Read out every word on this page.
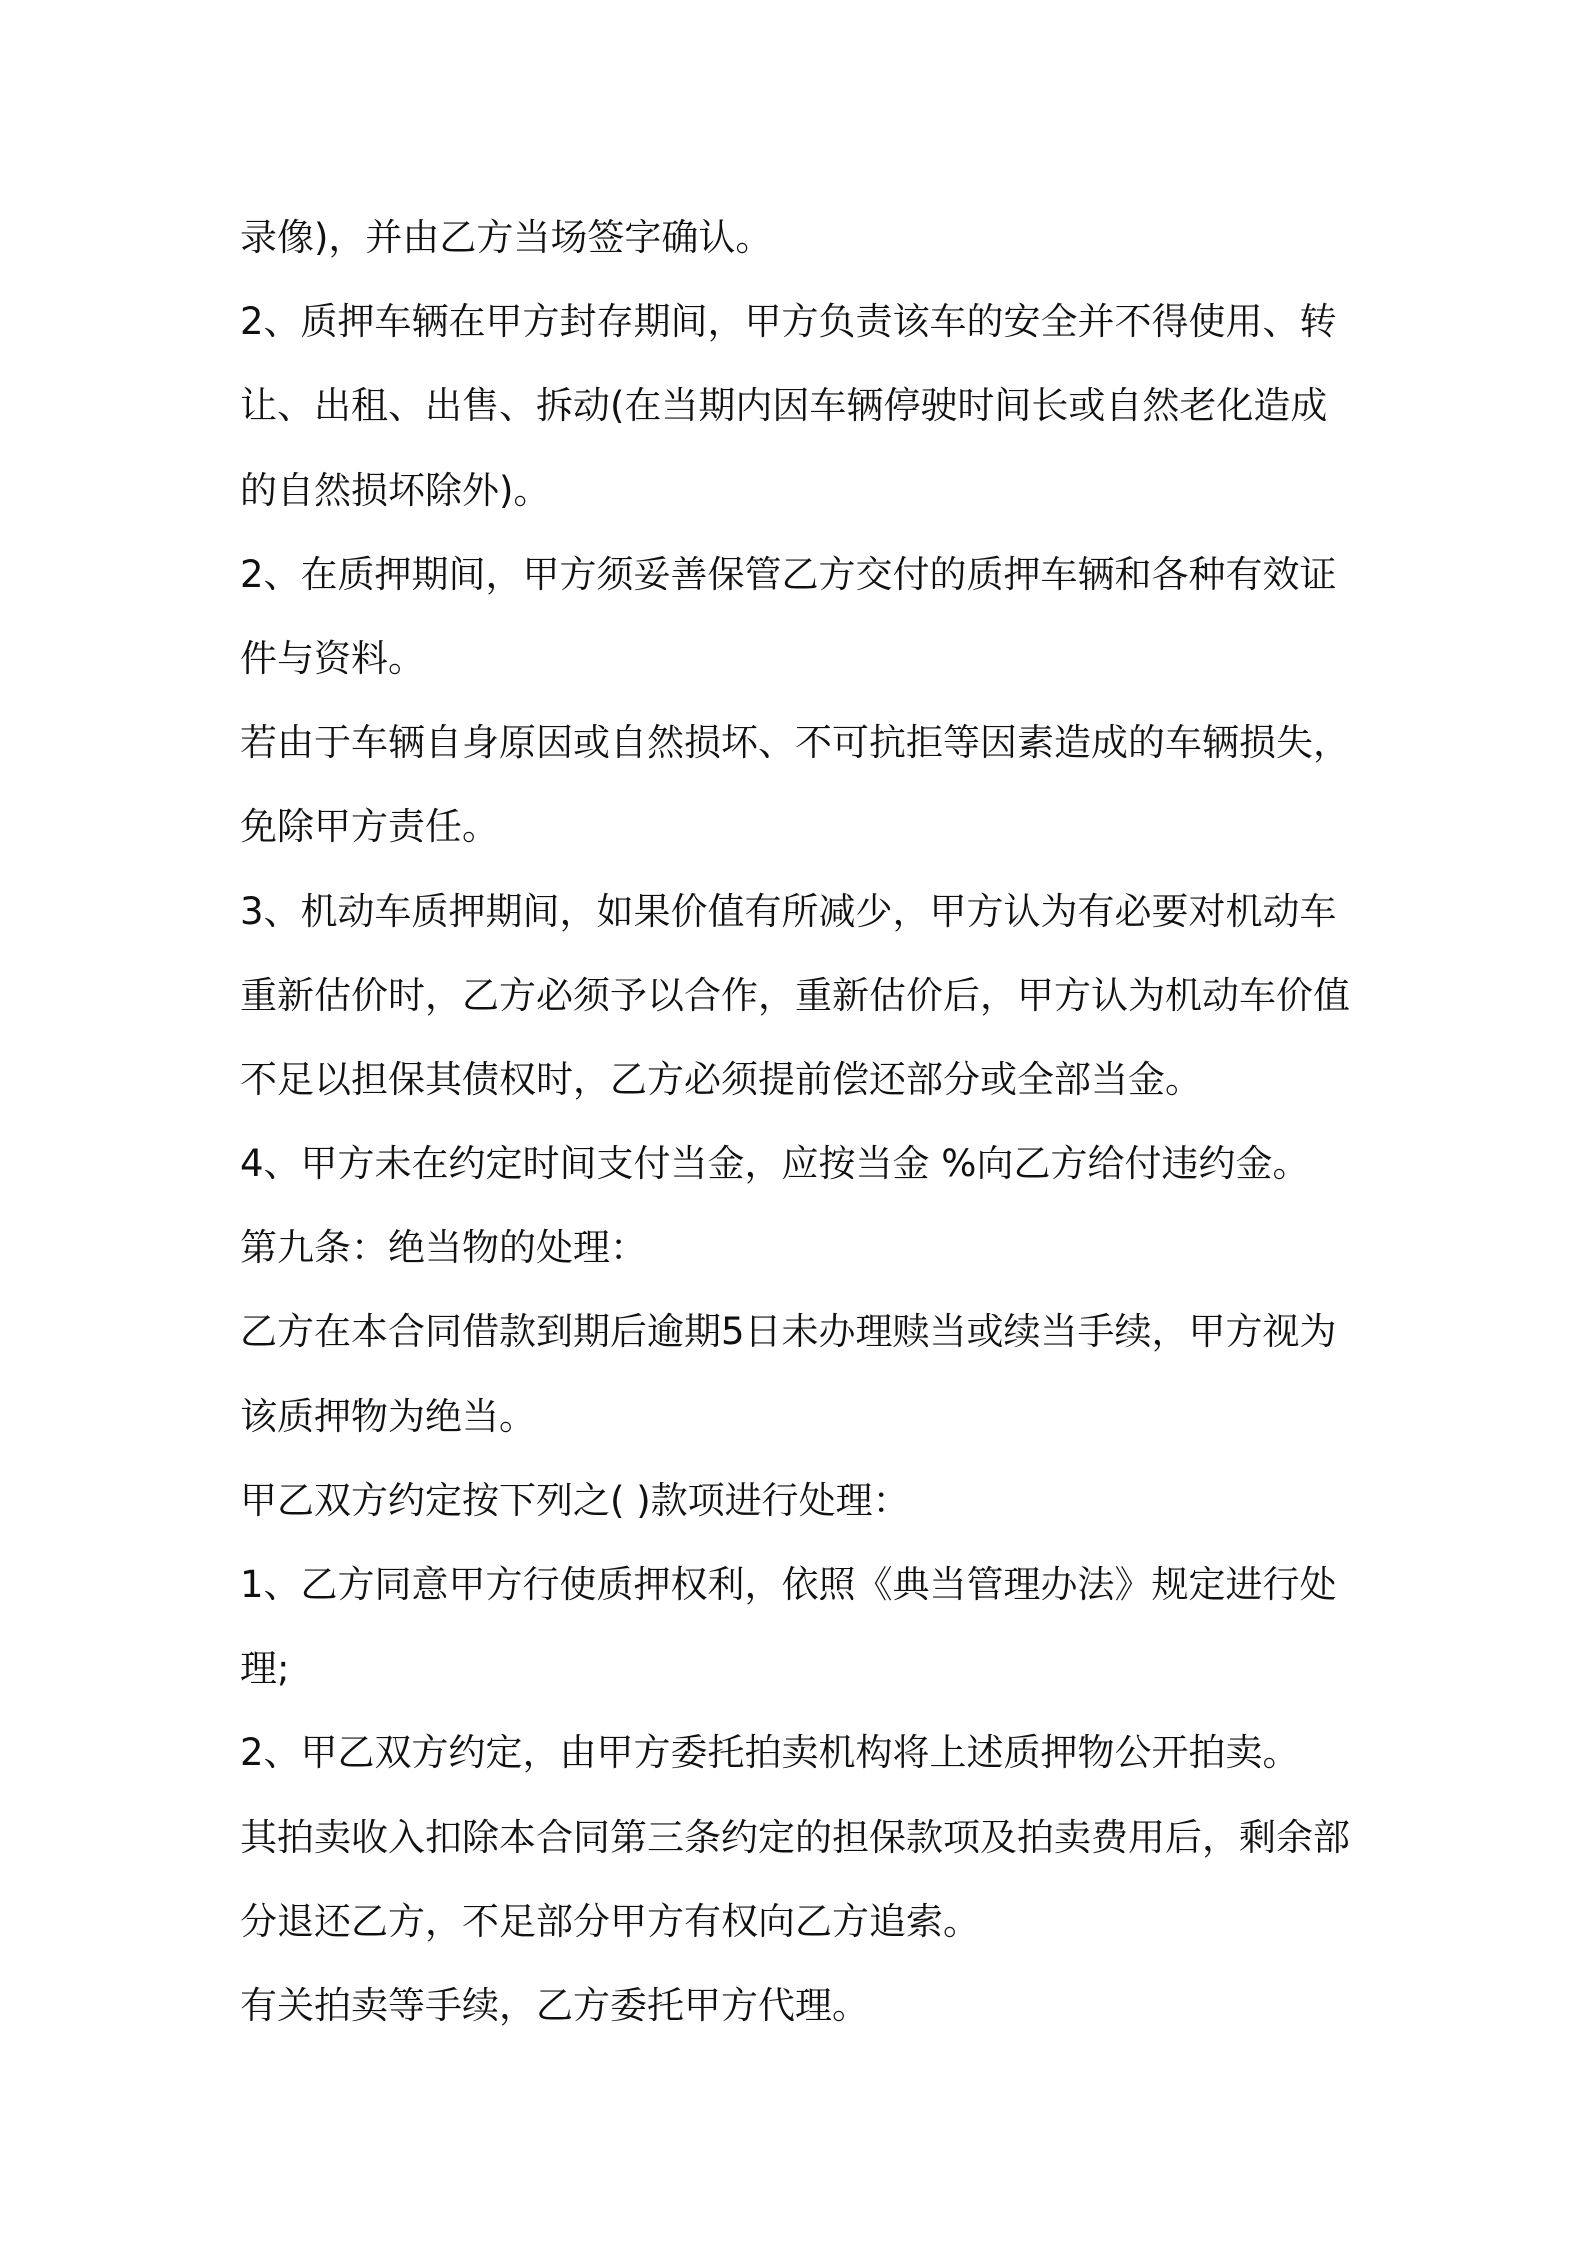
录像)，并由乙方当场签字确认。
2、质押车辆在甲方封存期间，甲方负责该车的安全并不得使用、转
让、出租、出售、拆动(在当期内因车辆停驶时间长或自然老化造成
的自然损坏除外)。
2、在质押期间，甲方须妥善保管乙方交付的质押车辆和各种有效证
件与资料。
若由于车辆自身原因或自然损坏、不可抗拒等因素造成的车辆损失，
免除甲方责任。
3、机动车质押期间，如果价值有所减少，甲方认为有必要对机动车
重新估价时，乙方必须予以合作，重新估价后，甲方认为机动车价值
不足以担保其债权时，乙方必须提前偿还部分或全部当金。
4、甲方未在约定时间支付当金，应按当金 %向乙方给付违约金。
第九条：绝当物的处理：
乙方在本合同借款到期后逾期5日未办理赎当或续当手续，甲方视为
该质押物为绝当。
甲乙双方约定按下列之( )款项进行处理：
1、乙方同意甲方行使质押权利，依照《典当管理办法》规定进行处
理;
2、甲乙双方约定，由甲方委托拍卖机构将上述质押物公开拍卖。
其拍卖收入扣除本合同第三条约定的担保款项及拍卖费用后，剩余部
分退还乙方，不足部分甲方有权向乙方追索。
有关拍卖等手续，乙方委托甲方代理。
